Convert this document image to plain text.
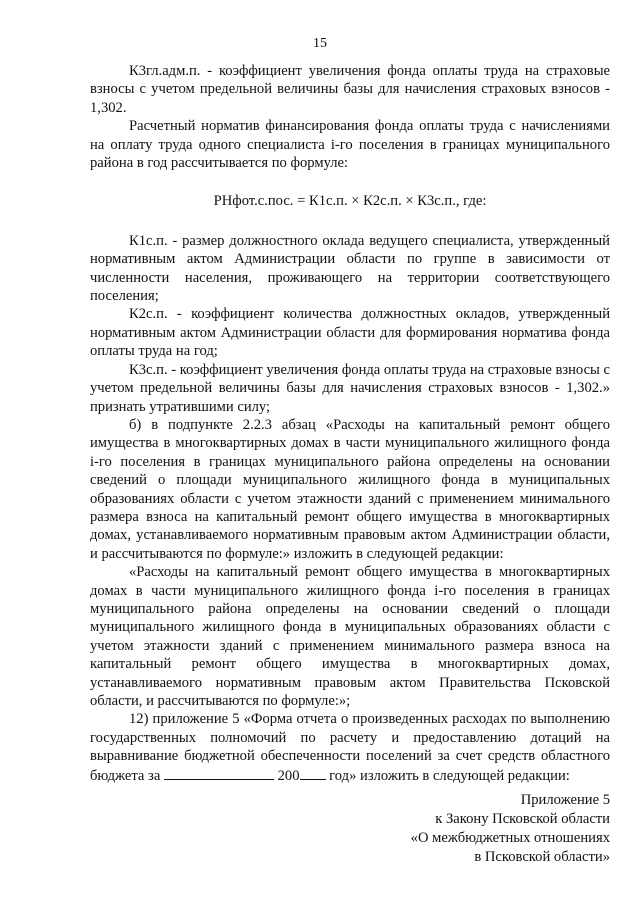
15

К3гл.адм.п. - коэффициент увеличения фонда оплаты труда на страховые взносы с учетом предельной величины базы для начисления страховых взносов - 1,302.

Расчетный норматив финансирования фонда оплаты труда с начислениями на оплату труда одного специалиста i-го поселения в границах муниципального района в год рассчитывается по формуле:

РНфот.с.пос. = К1с.п. × К2с.п. × К3с.п., где:

К1с.п. - размер должностного оклада ведущего специалиста, утвержденный нормативным актом Администрации области по группе в зависимости от численности населения, проживающего на территории соответствующего поселения;

К2с.п. - коэффициент количества должностных окладов, утвержденный нормативным актом Администрации области для формирования норматива фонда оплаты труда на год;

К3с.п. - коэффициент увеличения фонда оплаты труда на страховые взносы с учетом предельной величины базы для начисления страховых взносов - 1,302.» признать утратившими силу;

б) в подпункте 2.2.3 абзац «Расходы на капитальный ремонт общего имущества в многоквартирных домах в части муниципального жилищного фонда i-го поселения в границах муниципального района определены на основании сведений о площади муниципального жилищного фонда в муниципальных образованиях области с учетом этажности зданий с применением минимального размера взноса на капитальный ремонт общего имущества в многоквартирных домах, устанавливаемого нормативным правовым актом Администрации области, и рассчитываются по формуле:» изложить в следующей редакции:

«Расходы на капитальный ремонт общего имущества в многоквартирных домах в части муниципального жилищного фонда i-го поселения в границах муниципального района определены на основании сведений о площади муниципального жилищного фонда в муниципальных образованиях области с учетом этажности зданий с применением минимального размера взноса на капитальный ремонт общего имущества в многоквартирных домах, устанавливаемого нормативным правовым актом Правительства Псковской области, и рассчитываются по формуле:»;

12) приложение 5 «Форма отчета о произведенных расходах по выполнению государственных полномочий по расчету и предоставлению дотаций на выравнивание бюджетной обеспеченности поселений за счет средств областного бюджета за	200 год» изложить в следующей редакции:

Приложение 5
к Закону Псковской области
«О межбюджетных отношениях
в Псковской области»
